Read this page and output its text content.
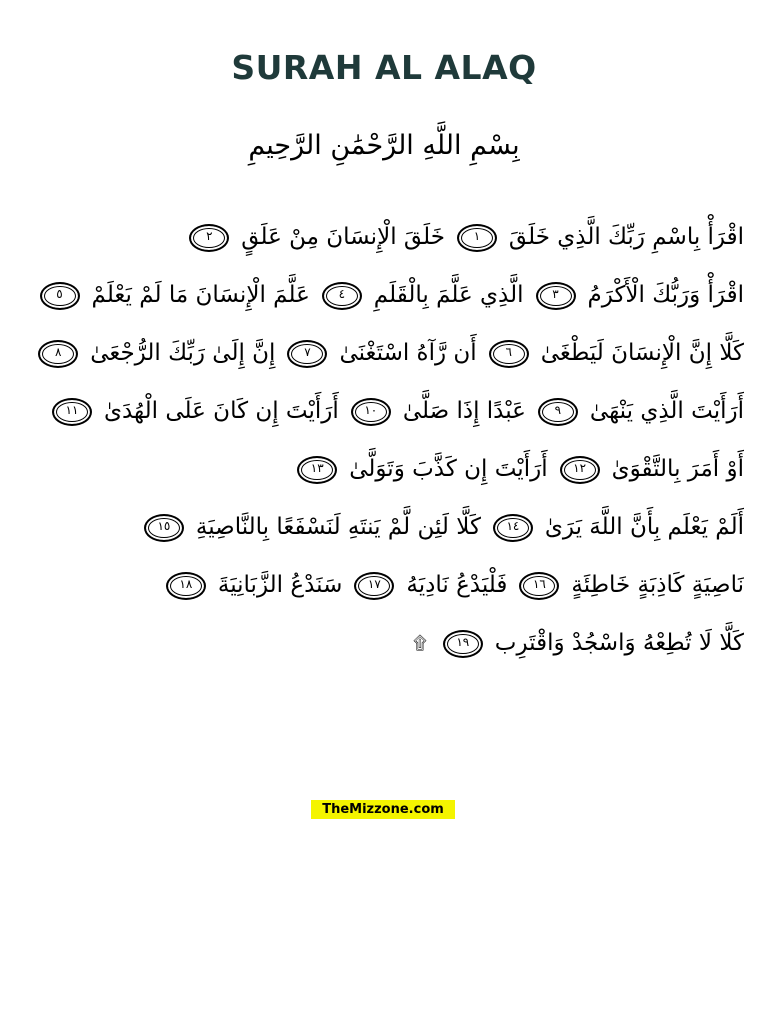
SURAH AL ALAQ
بِسْمِ اللَّهِ الرَّحْمَٰنِ الرَّحِيمِ
اقْرَأْ بِاسْمِ رَبِّكَ الَّذِي خَلَقَ١خَلَقَ الْإِنسَانَ مِنْ عَلَقٍ٢
اقْرَأْ وَرَبُّكَ الْأَكْرَمُ٣الَّذِي عَلَّمَ بِالْقَلَمِ٤عَلَّمَ الْإِنسَانَ مَا لَمْ يَعْلَمْ٥
كَلَّا إِنَّ الْإِنسَانَ لَيَطْغَىٰ٦أَن رَّآهُ اسْتَغْنَىٰ٧إِنَّ إِلَىٰ رَبِّكَ الرُّجْعَىٰ٨
أَرَأَيْتَ الَّذِي يَنْهَىٰ٩عَبْدًا إِذَا صَلَّىٰ١٠أَرَأَيْتَ إِن كَانَ عَلَى الْهُدَىٰ١١
أَوْ أَمَرَ بِالتَّقْوَىٰ١٢أَرَأَيْتَ إِن كَذَّبَ وَتَوَلَّىٰ١٣
أَلَمْ يَعْلَم بِأَنَّ اللَّهَ يَرَىٰ١٤كَلَّا لَئِن لَّمْ يَنتَهِ لَنَسْفَعًا بِالنَّاصِيَةِ١٥
نَاصِيَةٍ كَاذِبَةٍ خَاطِئَةٍ١٦فَلْيَدْعُ نَادِيَهُ١٧سَنَدْعُ الزَّبَانِيَةَ١٨
كَلَّا لَا تُطِعْهُ وَاسْجُدْ وَاقْتَرِب١٩۩
TheMizzone.com
